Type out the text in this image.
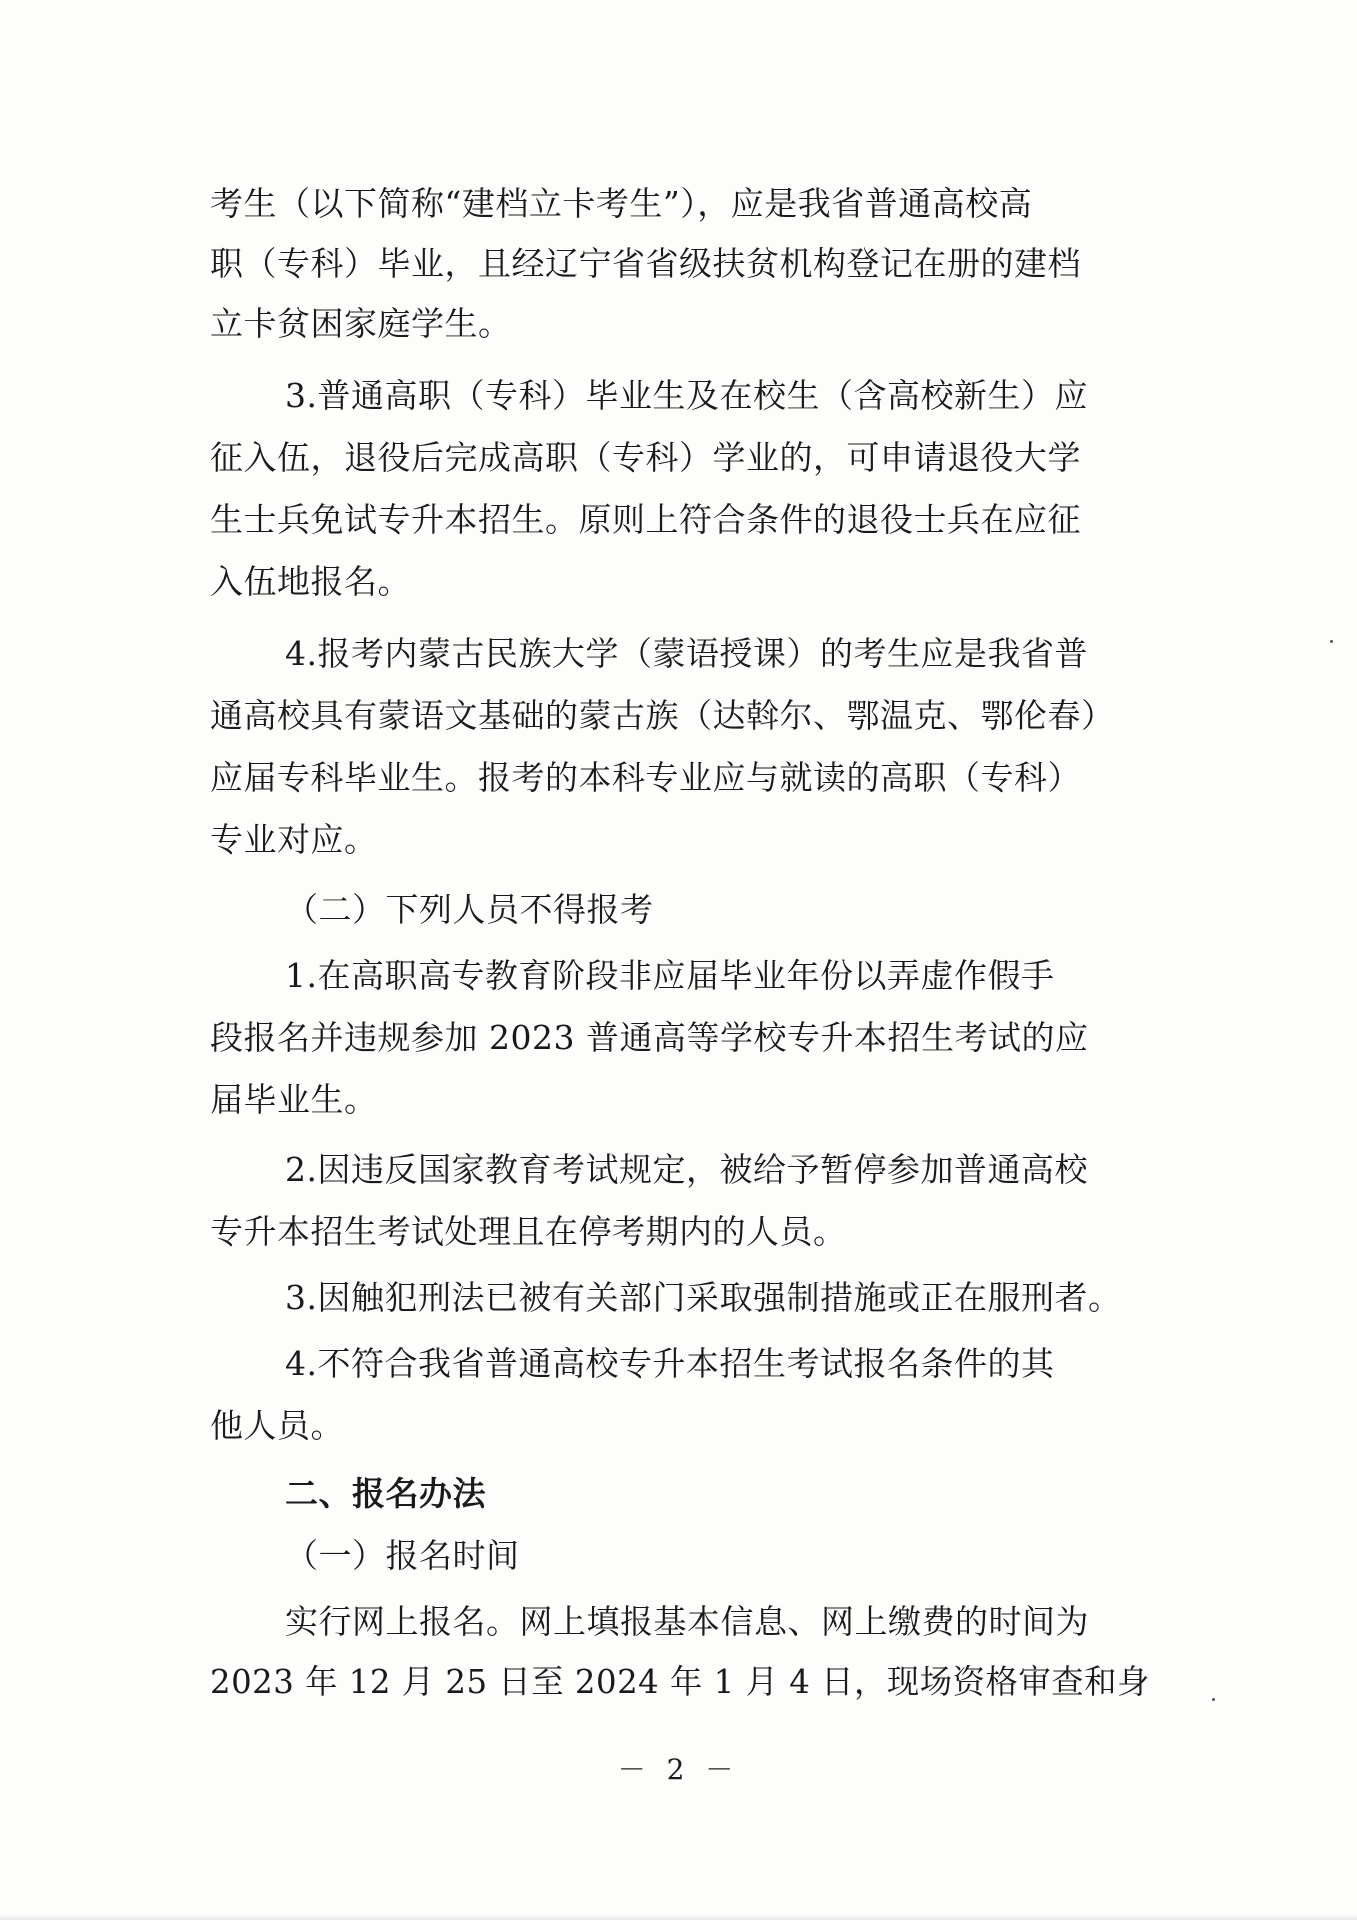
考生（以下简称“建档立卡考生”），应是我省普通高校高
职（专科）毕业，且经辽宁省省级扶贫机构登记在册的建档
立卡贫困家庭学生。
3.普通高职（专科）毕业生及在校生（含高校新生）应
征入伍，退役后完成高职（专科）学业的，可申请退役大学
生士兵免试专升本招生。原则上符合条件的退役士兵在应征
入伍地报名。
4.报考内蒙古民族大学（蒙语授课）的考生应是我省普
通高校具有蒙语文基础的蒙古族（达斡尔、鄂温克、鄂伦春）
应届专科毕业生。报考的本科专业应与就读的高职（专科）
专业对应。
（二）下列人员不得报考
1.在高职高专教育阶段非应届毕业年份以弄虚作假手
段报名并违规参加 2023 普通高等学校专升本招生考试的应
届毕业生。
2.因违反国家教育考试规定，被给予暂停参加普通高校
专升本招生考试处理且在停考期内的人员。
3.因触犯刑法已被有关部门采取强制措施或正在服刑者。
4.不符合我省普通高校专升本招生考试报名条件的其
他人员。
二、报名办法
（一）报名时间
实行网上报名。网上填报基本信息、网上缴费的时间为
2023 年 12 月 25 日至 2024 年 1 月 4 日，现场资格审查和身
－ 2 －
